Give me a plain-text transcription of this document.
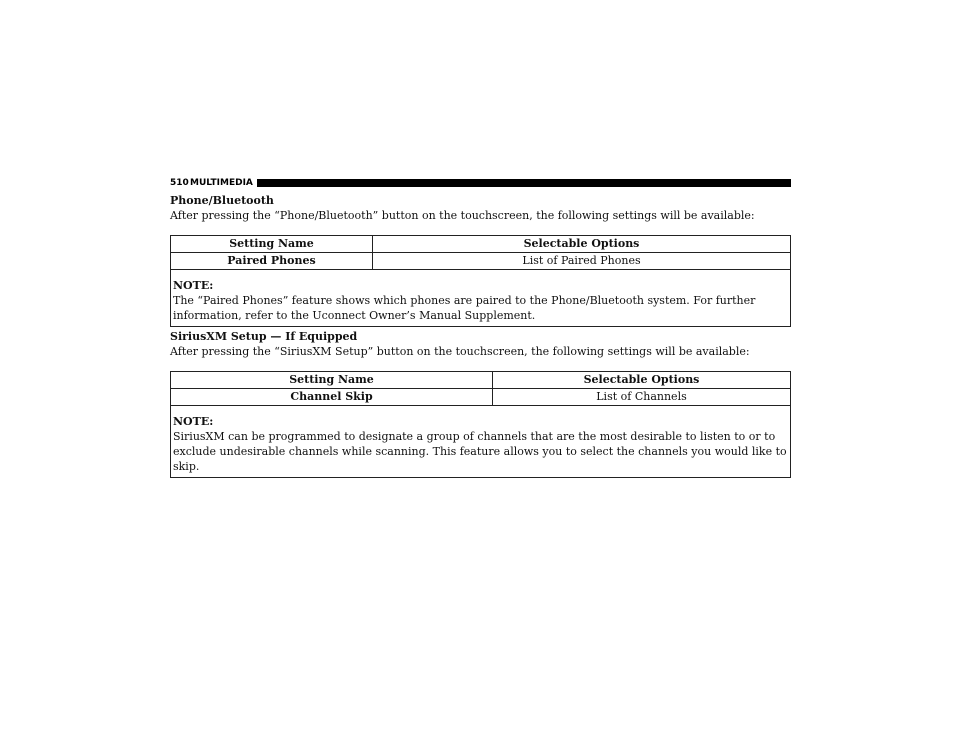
510 MULTIMEDIA

Phone/Bluetooth

After pressing the “Phone/Bluetooth” button on the touchscreen, the following settings will be available:

Setting Name	Selectable Options
Paired Phones	List of Paired Phones

NOTE:
The “Paired Phones” feature shows which phones are paired to the Phone/Bluetooth system. For further information, refer to the Uconnect Owner’s Manual Supplement.	

SiriusXM Setup — If Equipped

After pressing the “SiriusXM Setup” button on the touchscreen, the following settings will be available:

Setting Name	Selectable Options
Channel Skip	List of Channels

NOTE:
SiriusXM can be programmed to designate a group of channels that are the most desirable to listen to or to exclude undesirable channels while scanning. This feature allows you to select the channels you would like to skip.	
